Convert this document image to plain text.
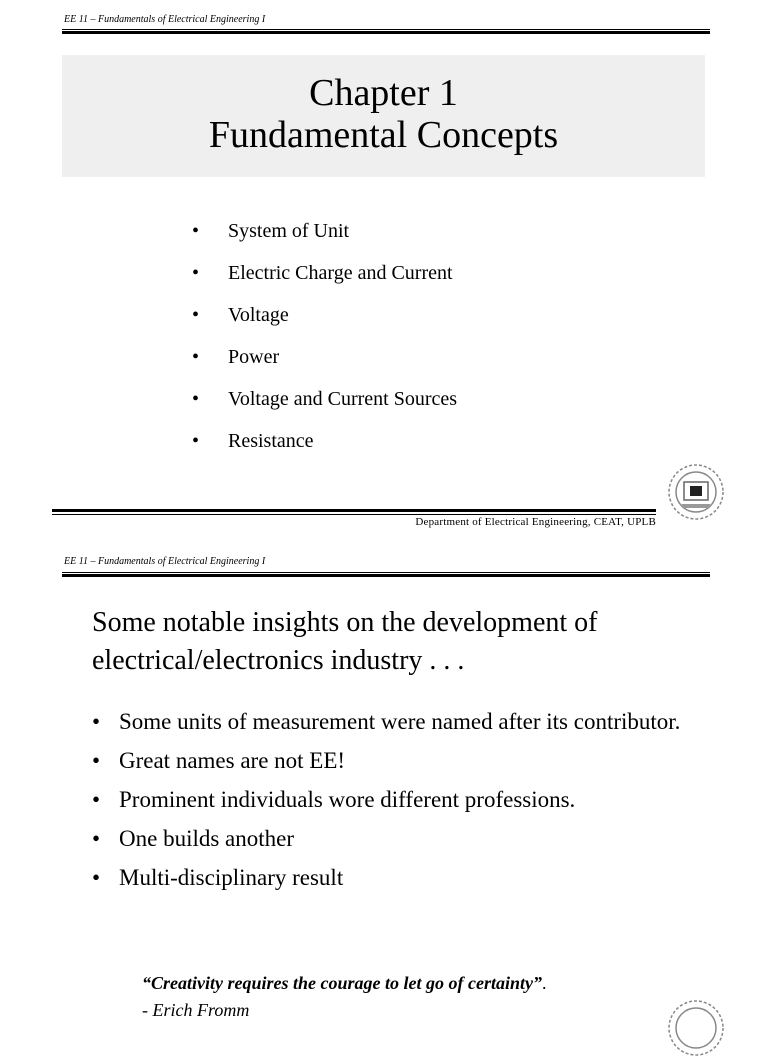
EE 11 – Fundamentals of Electrical Engineering I
Chapter 1
Fundamental Concepts
• System of Unit
• Electric Charge and Current
• Voltage
• Power
• Voltage and Current Sources
• Resistance
Department of Electrical Engineering, CEAT, UPLB
EE 11 – Fundamentals of Electrical Engineering I
Some notable insights on the development of electrical/electronics industry . . .
• Some units of measurement were named after its contributor.
• Great names are not EE!
• Prominent individuals wore different professions.
• One builds another
• Multi-disciplinary result
“Creativity requires the courage to let go of certainty”.
- Erich Fromm
